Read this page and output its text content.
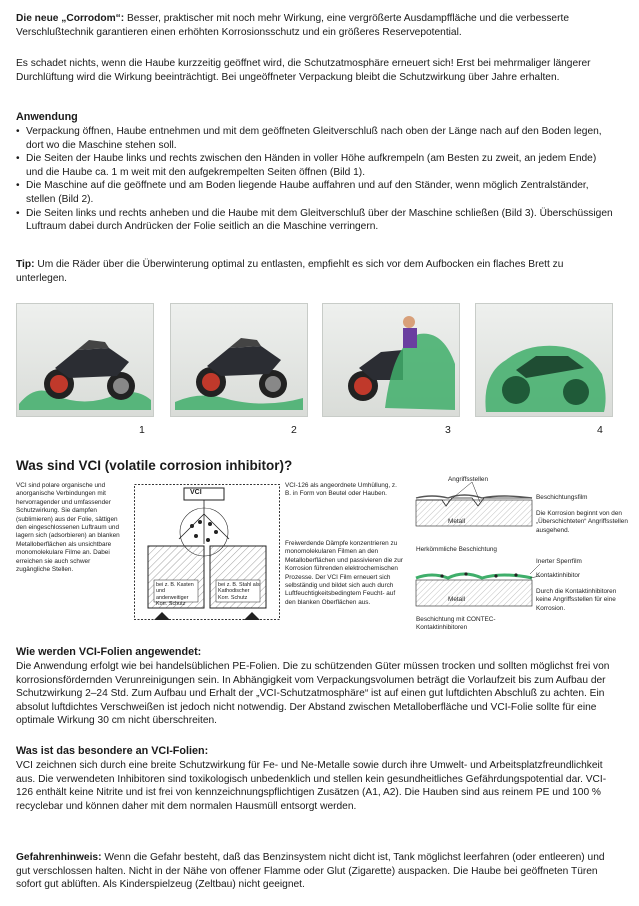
Die neue „Corrodom“: Besser, praktischer mit noch mehr Wirkung, eine vergrößerte Ausdampffläche und die verbesserte Verschlußtechnik garantieren einen erhöhten Korrosionsschutz und ein größeres Reservepotential.
Es schadet nichts, wenn die Haube kurzzeitig geöffnet wird, die Schutzatmosphäre erneuert sich! Erst bei mehrmaliger längerer Durchlüftung wird die Wirkung beeinträchtigt. Bei ungeöffneter Verpackung bleibt die Schutzwirkung über Jahre erhalten.
Anwendung
• Verpackung öffnen, Haube entnehmen und mit dem geöffneten Gleitverschluß nach oben der Länge nach auf den Boden legen, dort wo die Maschine stehen soll.
• Die Seiten der Haube links und rechts zwischen den Händen in voller Höhe aufkrempeln (am Besten zu zweit, an jedem Ende) und die Haube ca. 1 m weit mit den aufgekrempelten Seiten öffnen (Bild 1).
• Die Maschine auf die geöffnete und am Boden liegende Haube auffahren und auf den Ständer, wenn möglich Zentralständer, stellen (Bild 2).
• Die Seiten links und rechts anheben und die Haube mit dem Gleitverschluß über der Maschine schließen (Bild 3). Überschüssigen Luftraum dabei durch Andrücken der Folie seitlich an die Maschine verringern.
Tip: Um die Räder über die Überwinterung optimal zu entlasten, empfiehlt es sich vor dem Aufbocken ein flaches Brett zu unterlegen.
1	2	3	4
Was sind VCI (volatile corrosion inhibitor)?
VCI sind polare organische und anorganische Verbindungen mit hervorragender und umfassender Schutzwirkung. Sie dampfen (sublimieren) aus der Folie, sättigen den eingeschlossenen Luftraum und lagern sich (adsorbieren) an blanken Metalloberflächen als unsichtbare monomolekulare Filme an. Dabei erreichen sie auch schwer zugängliche Stellen.
VCI
bei z. B. Kasten und anderweitiger Korr. Schutz
bei z. B. Stahl als Kathodischer Korr. Schutz
VCI-126 als angeordnete Umhüllung, z. B. in Form von Beutel oder Hauben.
Freiwerdende Dämpfe konzentrieren zu monomolekularen Filmen an den Metalloberflächen und passivieren die zur Korrosion führenden elektrochemischen Prozesse. Der VCI Film erneuert sich selbständig und bildet sich auch durch Luftfeuchtigkeitsbedingtem Feucht- auf den blanken Oberflächen aus.
Angriffsstellen
Beschichtungsfilm
Die Korrosion beginnt von den „Überschichteten“ Angriffsstellen ausgehend.
Metall
Herkömmliche Beschichtung
Inerter Sperrfilm
Kontaktinhibitor
Durch die Kontaktinhibitoren keine Angriffsstellen für eine Korrosion.
Metall
Beschichtung mit CONTEC-Kontaktinhibitoren
Wie werden VCI-Folien angewendet:
Die Anwendung erfolgt wie bei handelsüblichen PE-Folien. Die zu schützenden Güter müssen trocken und sollten möglichst frei von korrosionsfördernden Verunreinigungen sein. In Abhängigkeit vom Verpackungsvolumen beträgt die Vorlaufzeit bis zum Aufbau der Schutzwirkung 2–24 Std. Zum Aufbau und Erhalt der „VCI-Schutzatmosphäre“ ist auf einen gut luftdichten Abschluß zu achten. Ein absolut luftdichtes Verschweißen ist jedoch nicht notwendig. Der Abstand zwischen Metalloberfläche und VCI-Folie sollte für eine optimale Wirkung 30 cm nicht überschreiten.
Was ist das besondere an VCI-Folien:
VCI zeichnen sich durch eine breite Schutzwirkung für Fe- und Ne-Metalle sowie durch ihre Umwelt- und Arbeitsplatzfreundlichkeit aus. Die verwendeten Inhibitoren sind toxikologisch unbedenklich und stellen kein gesundheitliches Gefährdungspotential dar. VCI-126 enthält keine Nitrite und ist frei von kennzeichnungspflichtigen Zusätzen (A1, A2). Die Hauben sind aus reinem PE und 100 % recyclebar und können daher mit dem normalen Hausmüll entsorgt werden.
Gefahrenhinweis: Wenn die Gefahr besteht, daß das Benzinsystem nicht dicht ist, Tank möglichst leerfahren (oder entleeren) und gut verschlossen halten. Nicht in der Nähe von offener Flamme oder Glut (Zigarette) auspacken. Die Haube bei geöffneten Türen sofort gut ablüften. Als Kinderspielzeug (Zeltbau) nicht geeignet.
